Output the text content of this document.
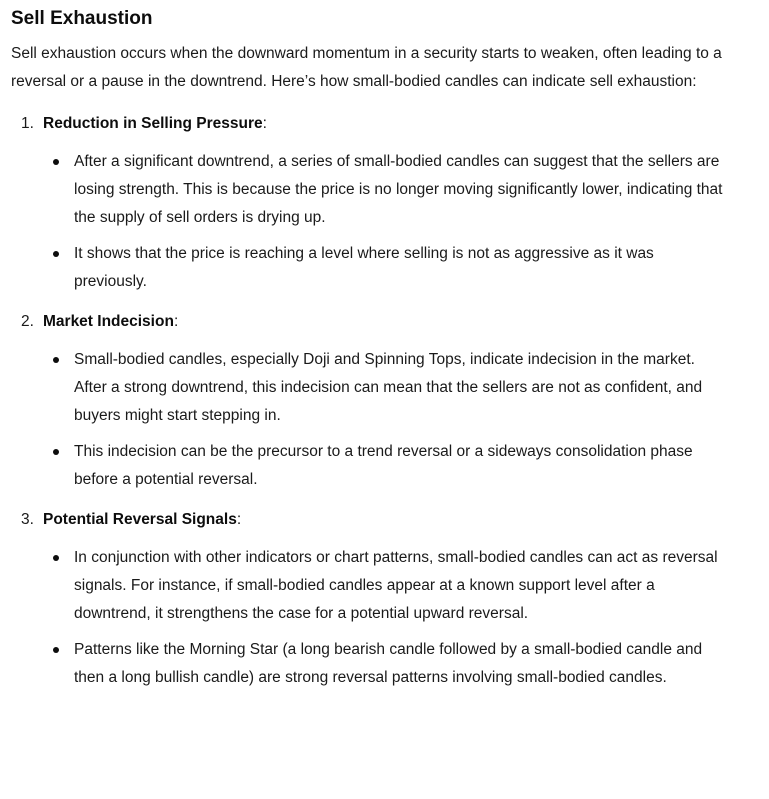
Sell Exhaustion

Sell exhaustion occurs when the downward momentum in a security starts to weaken, often leading to a reversal or a pause in the downtrend. Here’s how small-bodied candles can indicate sell exhaustion:

1. Reduction in Selling Pressure:
After a significant downtrend, a series of small-bodied candles can suggest that the sellers are losing strength. This is because the price is no longer moving significantly lower, indicating that the supply of sell orders is drying up.
It shows that the price is reaching a level where selling is not as aggressive as it was previously.
2. Market Indecision:
Small-bodied candles, especially Doji and Spinning Tops, indicate indecision in the market. After a strong downtrend, this indecision can mean that the sellers are not as confident, and buyers might start stepping in.
This indecision can be the precursor to a trend reversal or a sideways consolidation phase before a potential reversal.
3. Potential Reversal Signals:
In conjunction with other indicators or chart patterns, small-bodied candles can act as reversal signals. For instance, if small-bodied candles appear at a known support level after a downtrend, it strengthens the case for a potential upward reversal.
Patterns like the Morning Star (a long bearish candle followed by a small-bodied candle and then a long bullish candle) are strong reversal patterns involving small-bodied candles.
